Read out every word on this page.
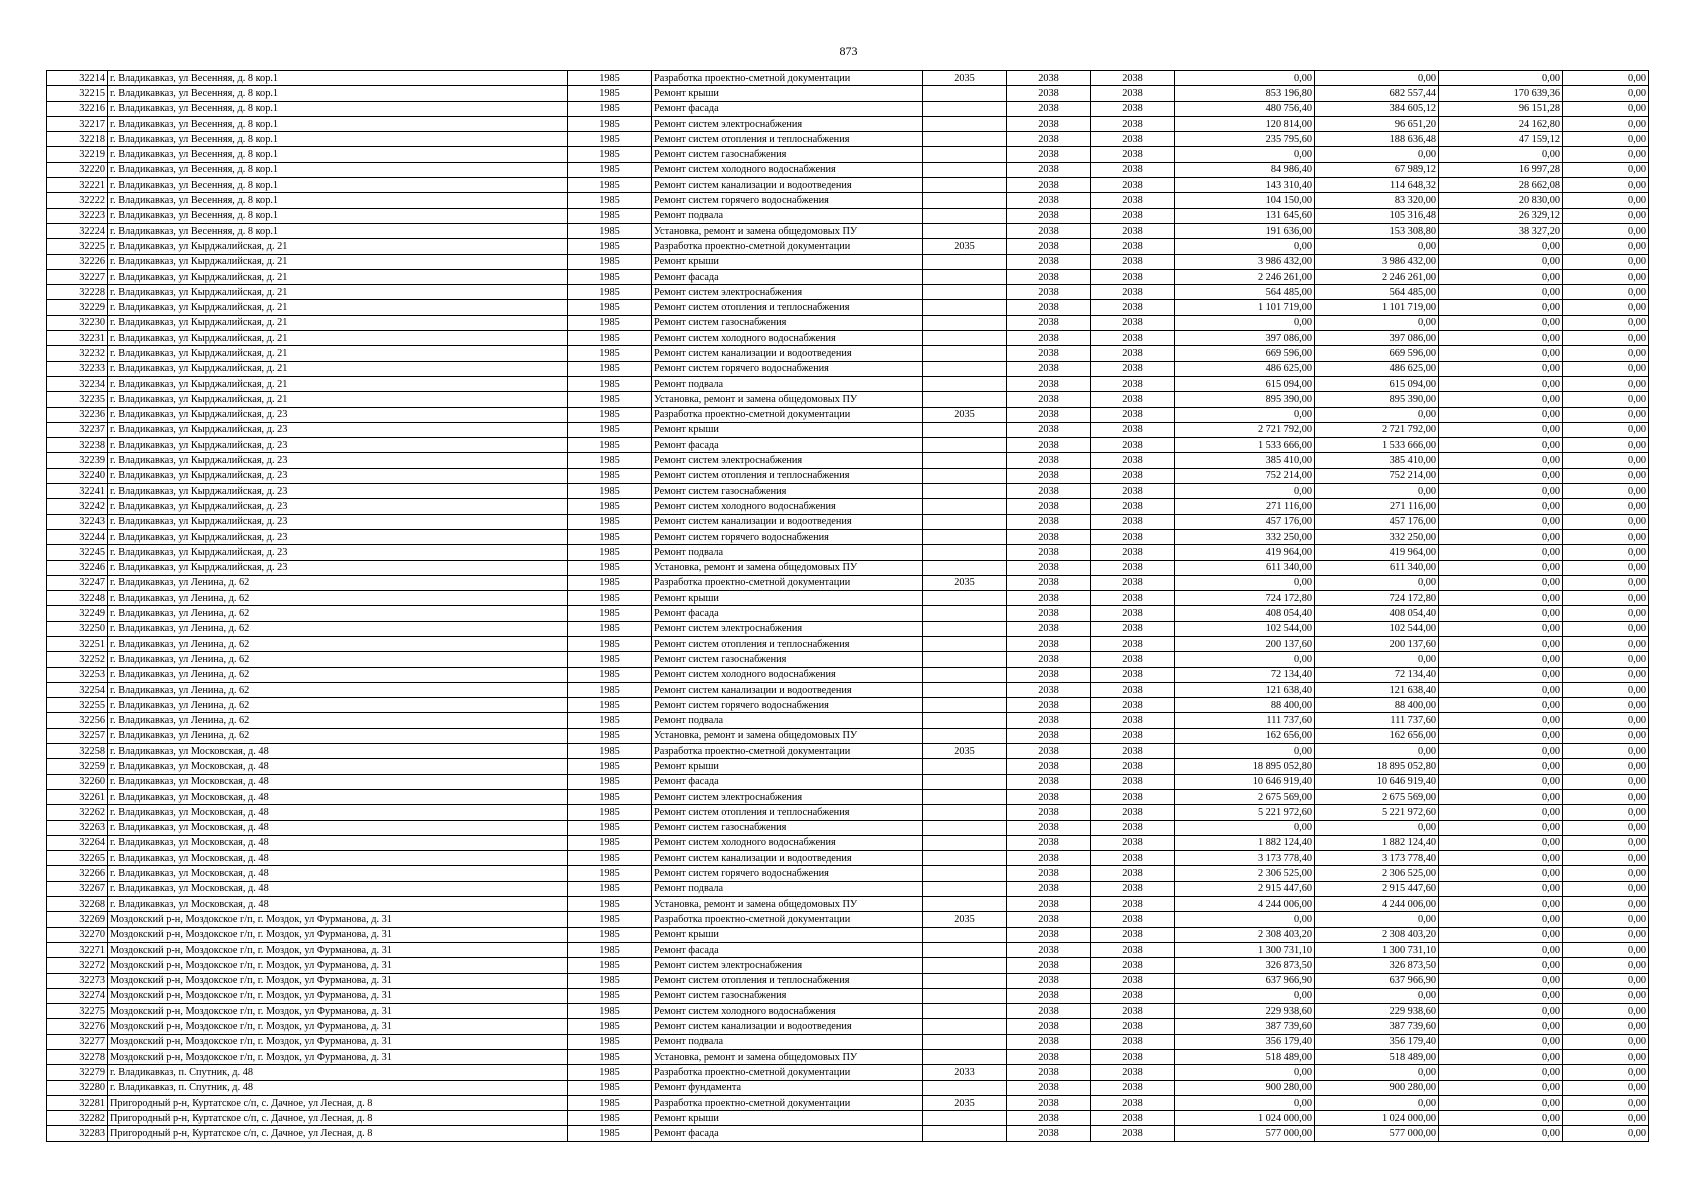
873
32214	г. Владикавказ, ул Весенняя, д. 8 кор.1	1985	Разработка проектно-сметной документации	2035	2038	2038	0,00	0,00	0,00	0,00
32215	г. Владикавказ, ул Весенняя, д. 8 кор.1	1985	Ремонт крыши		2038	2038	853 196,80	682 557,44	170 639,36	0,00
32216	г. Владикавказ, ул Весенняя, д. 8 кор.1	1985	Ремонт фасада		2038	2038	480 756,40	384 605,12	96 151,28	0,00
32217	г. Владикавказ, ул Весенняя, д. 8 кор.1	1985	Ремонт систем электроснабжения		2038	2038	120 814,00	96 651,20	24 162,80	0,00
32218	г. Владикавказ, ул Весенняя, д. 8 кор.1	1985	Ремонт систем отопления и теплоснабжения		2038	2038	235 795,60	188 636,48	47 159,12	0,00
32219	г. Владикавказ, ул Весенняя, д. 8 кор.1	1985	Ремонт систем газоснабжения		2038	2038	0,00	0,00	0,00	0,00
32220	г. Владикавказ, ул Весенняя, д. 8 кор.1	1985	Ремонт систем холодного водоснабжения		2038	2038	84 986,40	67 989,12	16 997,28	0,00
32221	г. Владикавказ, ул Весенняя, д. 8 кор.1	1985	Ремонт систем канализации и водоотведения		2038	2038	143 310,40	114 648,32	28 662,08	0,00
32222	г. Владикавказ, ул Весенняя, д. 8 кор.1	1985	Ремонт систем горячего водоснабжения		2038	2038	104 150,00	83 320,00	20 830,00	0,00
32223	г. Владикавказ, ул Весенняя, д. 8 кор.1	1985	Ремонт подвала		2038	2038	131 645,60	105 316,48	26 329,12	0,00
32224	г. Владикавказ, ул Весенняя, д. 8 кор.1	1985	Установка, ремонт и замена общедомовых ПУ		2038	2038	191 636,00	153 308,80	38 327,20	0,00
32225	г. Владикавказ, ул Кырджалийская, д. 21	1985	Разработка проектно-сметной документации	2035	2038	2038	0,00	0,00	0,00	0,00
32226	г. Владикавказ, ул Кырджалийская, д. 21	1985	Ремонт крыши		2038	2038	3 986 432,00	3 986 432,00	0,00	0,00
32227	г. Владикавказ, ул Кырджалийская, д. 21	1985	Ремонт фасада		2038	2038	2 246 261,00	2 246 261,00	0,00	0,00
32228	г. Владикавказ, ул Кырджалийская, д. 21	1985	Ремонт систем электроснабжения		2038	2038	564 485,00	564 485,00	0,00	0,00
32229	г. Владикавказ, ул Кырджалийская, д. 21	1985	Ремонт систем отопления и теплоснабжения		2038	2038	1 101 719,00	1 101 719,00	0,00	0,00
32230	г. Владикавказ, ул Кырджалийская, д. 21	1985	Ремонт систем газоснабжения		2038	2038	0,00	0,00	0,00	0,00
32231	г. Владикавказ, ул Кырджалийская, д. 21	1985	Ремонт систем холодного водоснабжения		2038	2038	397 086,00	397 086,00	0,00	0,00
32232	г. Владикавказ, ул Кырджалийская, д. 21	1985	Ремонт систем канализации и водоотведения		2038	2038	669 596,00	669 596,00	0,00	0,00
32233	г. Владикавказ, ул Кырджалийская, д. 21	1985	Ремонт систем горячего водоснабжения		2038	2038	486 625,00	486 625,00	0,00	0,00
32234	г. Владикавказ, ул Кырджалийская, д. 21	1985	Ремонт подвала		2038	2038	615 094,00	615 094,00	0,00	0,00
32235	г. Владикавказ, ул Кырджалийская, д. 21	1985	Установка, ремонт и замена общедомовых ПУ		2038	2038	895 390,00	895 390,00	0,00	0,00
32236	г. Владикавказ, ул Кырджалийская, д. 23	1985	Разработка проектно-сметной документации	2035	2038	2038	0,00	0,00	0,00	0,00
32237	г. Владикавказ, ул Кырджалийская, д. 23	1985	Ремонт крыши		2038	2038	2 721 792,00	2 721 792,00	0,00	0,00
32238	г. Владикавказ, ул Кырджалийская, д. 23	1985	Ремонт фасада		2038	2038	1 533 666,00	1 533 666,00	0,00	0,00
32239	г. Владикавказ, ул Кырджалийская, д. 23	1985	Ремонт систем электроснабжения		2038	2038	385 410,00	385 410,00	0,00	0,00
32240	г. Владикавказ, ул Кырджалийская, д. 23	1985	Ремонт систем отопления и теплоснабжения		2038	2038	752 214,00	752 214,00	0,00	0,00
32241	г. Владикавказ, ул Кырджалийская, д. 23	1985	Ремонт систем газоснабжения		2038	2038	0,00	0,00	0,00	0,00
32242	г. Владикавказ, ул Кырджалийская, д. 23	1985	Ремонт систем холодного водоснабжения		2038	2038	271 116,00	271 116,00	0,00	0,00
32243	г. Владикавказ, ул Кырджалийская, д. 23	1985	Ремонт систем канализации и водоотведения		2038	2038	457 176,00	457 176,00	0,00	0,00
32244	г. Владикавказ, ул Кырджалийская, д. 23	1985	Ремонт систем горячего водоснабжения		2038	2038	332 250,00	332 250,00	0,00	0,00
32245	г. Владикавказ, ул Кырджалийская, д. 23	1985	Ремонт подвала		2038	2038	419 964,00	419 964,00	0,00	0,00
32246	г. Владикавказ, ул Кырджалийская, д. 23	1985	Установка, ремонт и замена общедомовых ПУ		2038	2038	611 340,00	611 340,00	0,00	0,00
32247	г. Владикавказ, ул Ленина, д. 62	1985	Разработка проектно-сметной документации	2035	2038	2038	0,00	0,00	0,00	0,00
32248	г. Владикавказ, ул Ленина, д. 62	1985	Ремонт крыши		2038	2038	724 172,80	724 172,80	0,00	0,00
32249	г. Владикавказ, ул Ленина, д. 62	1985	Ремонт фасада		2038	2038	408 054,40	408 054,40	0,00	0,00
32250	г. Владикавказ, ул Ленина, д. 62	1985	Ремонт систем электроснабжения		2038	2038	102 544,00	102 544,00	0,00	0,00
32251	г. Владикавказ, ул Ленина, д. 62	1985	Ремонт систем отопления и теплоснабжения		2038	2038	200 137,60	200 137,60	0,00	0,00
32252	г. Владикавказ, ул Ленина, д. 62	1985	Ремонт систем газоснабжения		2038	2038	0,00	0,00	0,00	0,00
32253	г. Владикавказ, ул Ленина, д. 62	1985	Ремонт систем холодного водоснабжения		2038	2038	72 134,40	72 134,40	0,00	0,00
32254	г. Владикавказ, ул Ленина, д. 62	1985	Ремонт систем канализации и водоотведения		2038	2038	121 638,40	121 638,40	0,00	0,00
32255	г. Владикавказ, ул Ленина, д. 62	1985	Ремонт систем горячего водоснабжения		2038	2038	88 400,00	88 400,00	0,00	0,00
32256	г. Владикавказ, ул Ленина, д. 62	1985	Ремонт подвала		2038	2038	111 737,60	111 737,60	0,00	0,00
32257	г. Владикавказ, ул Ленина, д. 62	1985	Установка, ремонт и замена общедомовых ПУ		2038	2038	162 656,00	162 656,00	0,00	0,00
32258	г. Владикавказ, ул Московская, д. 48	1985	Разработка проектно-сметной документации	2035	2038	2038	0,00	0,00	0,00	0,00
32259	г. Владикавказ, ул Московская, д. 48	1985	Ремонт крыши		2038	2038	18 895 052,80	18 895 052,80	0,00	0,00
32260	г. Владикавказ, ул Московская, д. 48	1985	Ремонт фасада		2038	2038	10 646 919,40	10 646 919,40	0,00	0,00
32261	г. Владикавказ, ул Московская, д. 48	1985	Ремонт систем электроснабжения		2038	2038	2 675 569,00	2 675 569,00	0,00	0,00
32262	г. Владикавказ, ул Московская, д. 48	1985	Ремонт систем отопления и теплоснабжения		2038	2038	5 221 972,60	5 221 972,60	0,00	0,00
32263	г. Владикавказ, ул Московская, д. 48	1985	Ремонт систем газоснабжения		2038	2038	0,00	0,00	0,00	0,00
32264	г. Владикавказ, ул Московская, д. 48	1985	Ремонт систем холодного водоснабжения		2038	2038	1 882 124,40	1 882 124,40	0,00	0,00
32265	г. Владикавказ, ул Московская, д. 48	1985	Ремонт систем канализации и водоотведения		2038	2038	3 173 778,40	3 173 778,40	0,00	0,00
32266	г. Владикавказ, ул Московская, д. 48	1985	Ремонт систем горячего водоснабжения		2038	2038	2 306 525,00	2 306 525,00	0,00	0,00
32267	г. Владикавказ, ул Московская, д. 48	1985	Ремонт подвала		2038	2038	2 915 447,60	2 915 447,60	0,00	0,00
32268	г. Владикавказ, ул Московская, д. 48	1985	Установка, ремонт и замена общедомовых ПУ		2038	2038	4 244 006,00	4 244 006,00	0,00	0,00
32269	Моздокский р-н, Моздокское г/п, г. Моздок, ул Фурманова, д. 31	1985	Разработка проектно-сметной документации	2035	2038	2038	0,00	0,00	0,00	0,00
32270	Моздокский р-н, Моздокское г/п, г. Моздок, ул Фурманова, д. 31	1985	Ремонт крыши		2038	2038	2 308 403,20	2 308 403,20	0,00	0,00
32271	Моздокский р-н, Моздокское г/п, г. Моздок, ул Фурманова, д. 31	1985	Ремонт фасада		2038	2038	1 300 731,10	1 300 731,10	0,00	0,00
32272	Моздокский р-н, Моздокское г/п, г. Моздок, ул Фурманова, д. 31	1985	Ремонт систем электроснабжения		2038	2038	326 873,50	326 873,50	0,00	0,00
32273	Моздокский р-н, Моздокское г/п, г. Моздок, ул Фурманова, д. 31	1985	Ремонт систем отопления и теплоснабжения		2038	2038	637 966,90	637 966,90	0,00	0,00
32274	Моздокский р-н, Моздокское г/п, г. Моздок, ул Фурманова, д. 31	1985	Ремонт систем газоснабжения		2038	2038	0,00	0,00	0,00	0,00
32275	Моздокский р-н, Моздокское г/п, г. Моздок, ул Фурманова, д. 31	1985	Ремонт систем холодного водоснабжения		2038	2038	229 938,60	229 938,60	0,00	0,00
32276	Моздокский р-н, Моздокское г/п, г. Моздок, ул Фурманова, д. 31	1985	Ремонт систем канализации и водоотведения		2038	2038	387 739,60	387 739,60	0,00	0,00
32277	Моздокский р-н, Моздокское г/п, г. Моздок, ул Фурманова, д. 31	1985	Ремонт подвала		2038	2038	356 179,40	356 179,40	0,00	0,00
32278	Моздокский р-н, Моздокское г/п, г. Моздок, ул Фурманова, д. 31	1985	Установка, ремонт и замена общедомовых ПУ		2038	2038	518 489,00	518 489,00	0,00	0,00
32279	г. Владикавказ, п. Спутник, д. 48	1985	Разработка проектно-сметной документации	2033	2038	2038	0,00	0,00	0,00	0,00
32280	г. Владикавказ, п. Спутник, д. 48	1985	Ремонт фундамента		2038	2038	900 280,00	900 280,00	0,00	0,00
32281	Пригородный р-н, Куртатское с/п, с. Дачное, ул Лесная, д. 8	1985	Разработка проектно-сметной документации	2035	2038	2038	0,00	0,00	0,00	0,00
32282	Пригородный р-н, Куртатское с/п, с. Дачное, ул Лесная, д. 8	1985	Ремонт крыши		2038	2038	1 024 000,00	1 024 000,00	0,00	0,00
32283	Пригородный р-н, Куртатское с/п, с. Дачное, ул Лесная, д. 8	1985	Ремонт фасада		2038	2038	577 000,00	577 000,00	0,00	0,00
